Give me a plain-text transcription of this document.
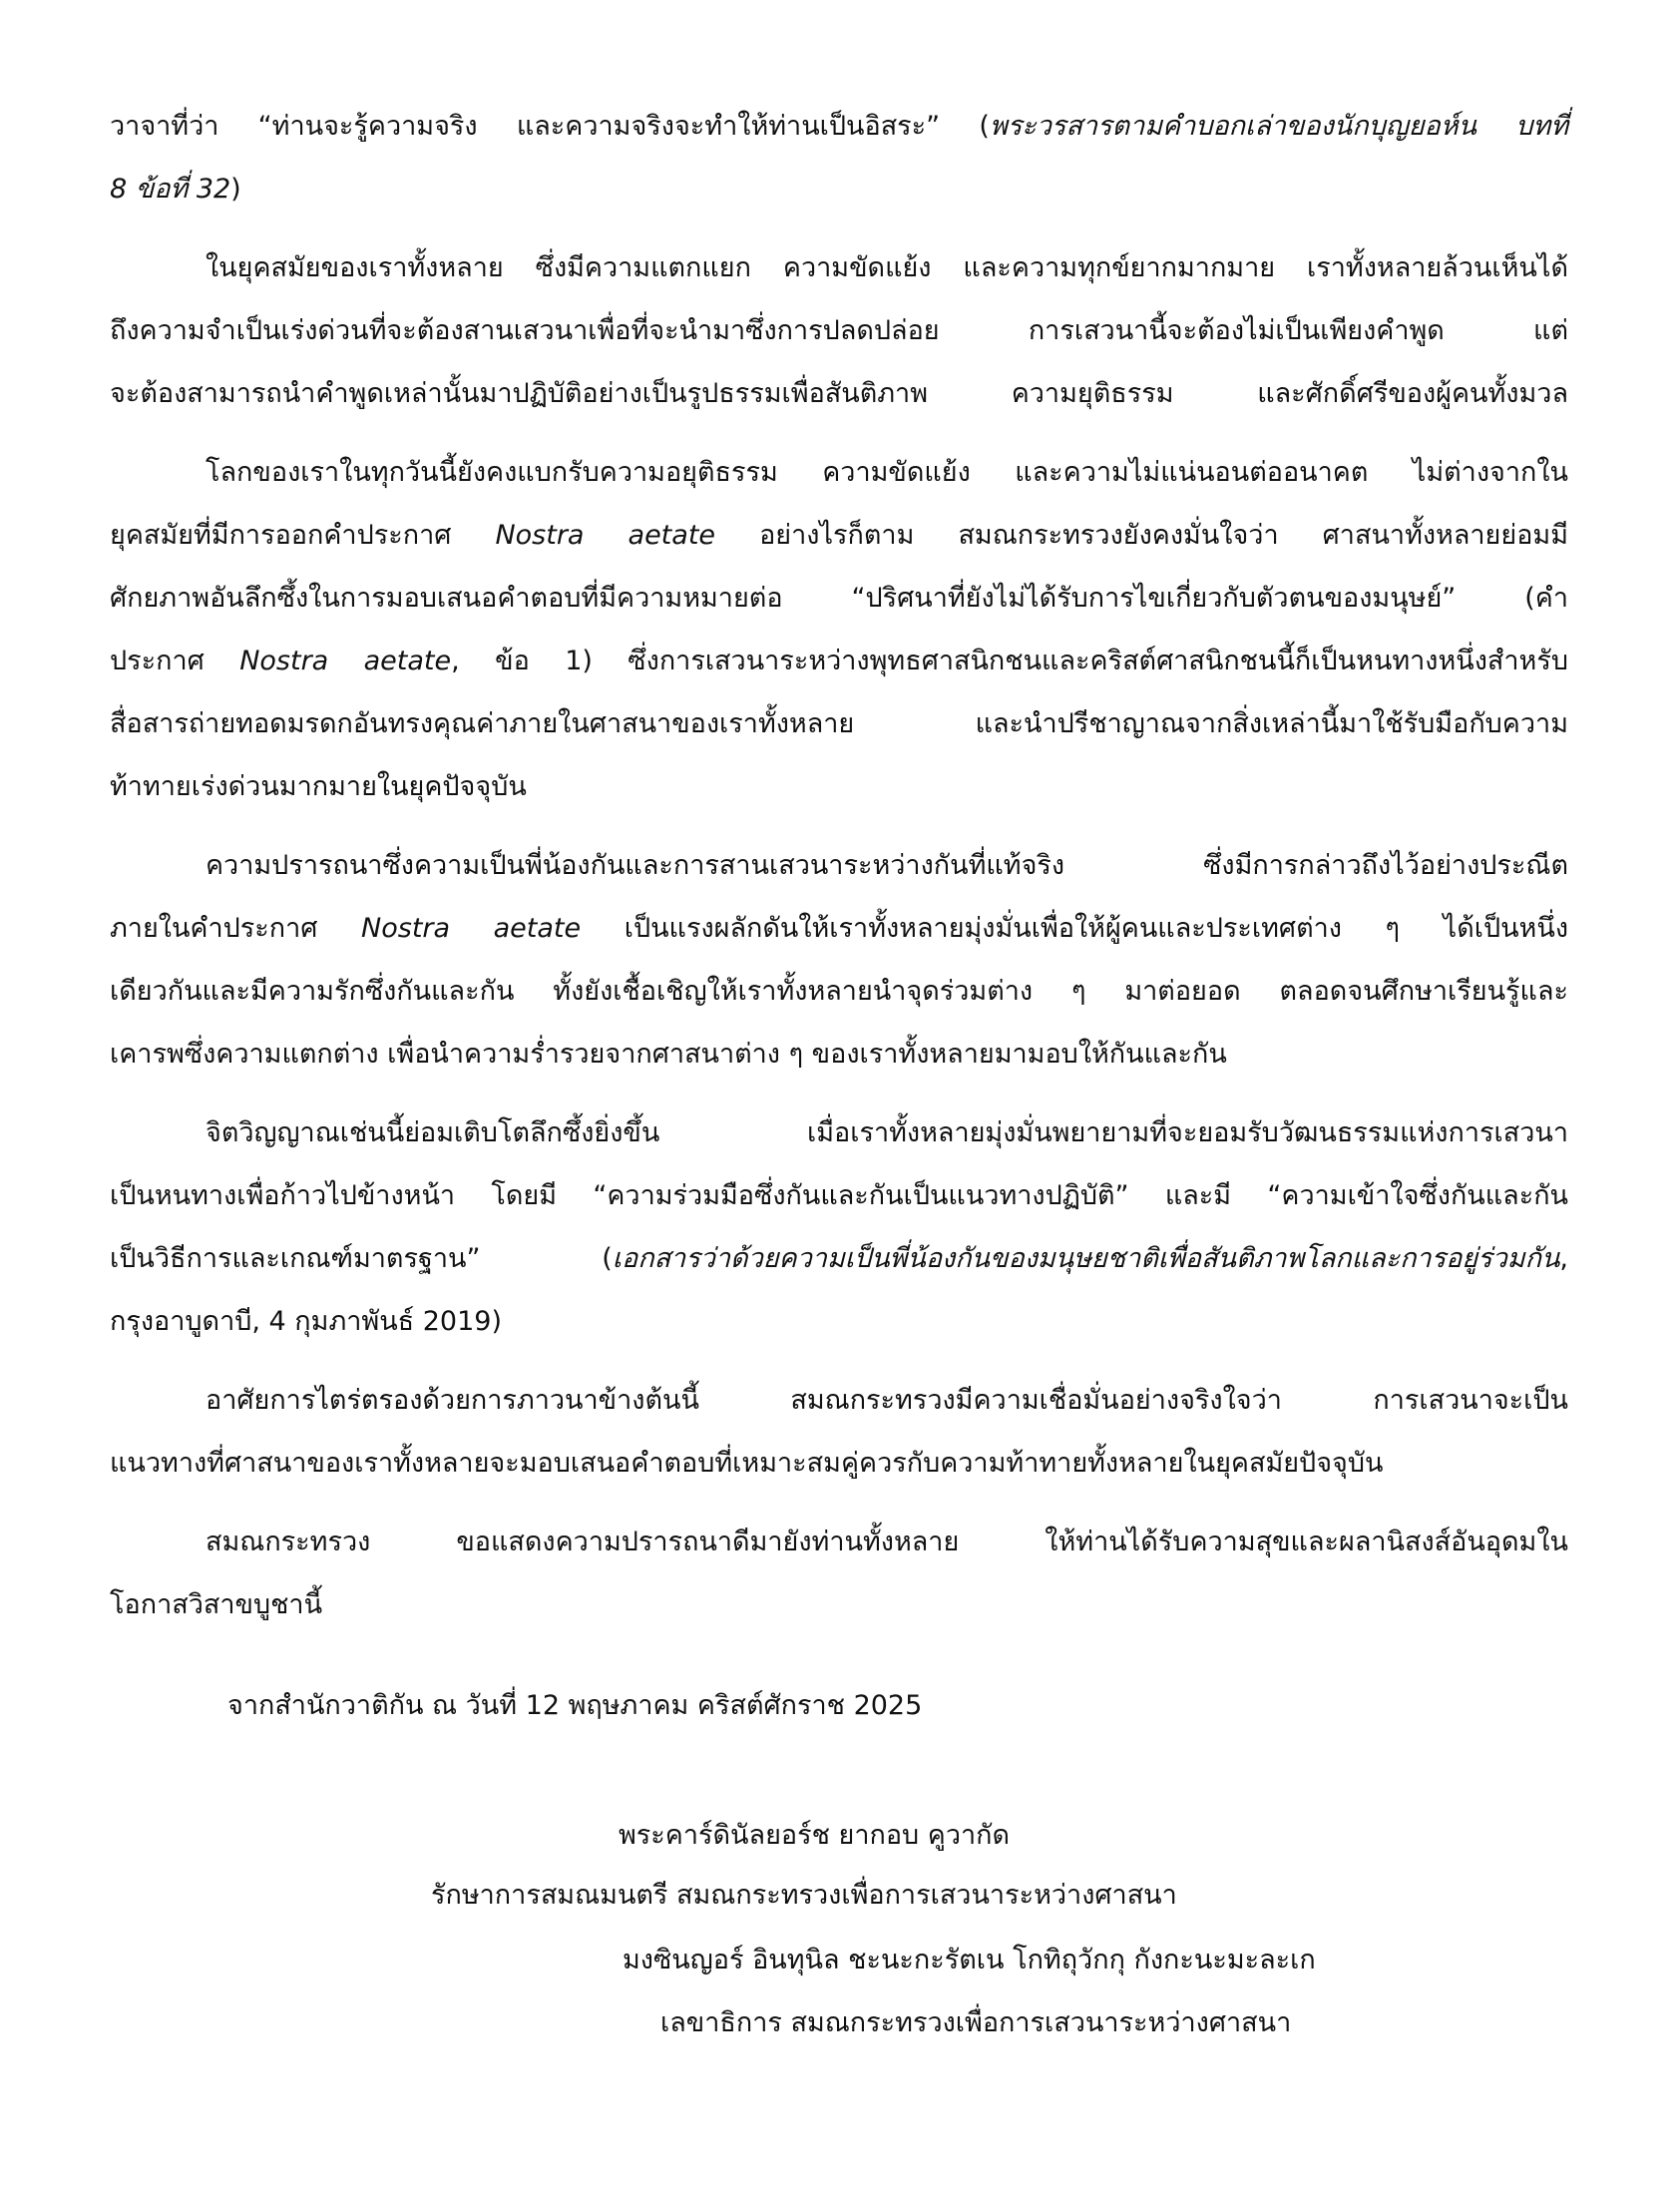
วาจาที่ว่า “ท่านจะรู้ความจริง และความจริงจะทำให้ท่านเป็นอิสระ” (พระวรสารตามคำบอกเล่าของนักบุญยอห์น บทที่
8 ข้อที่ 32)
ในยุคสมัยของเราทั้งหลาย ซึ่งมีความแตกแยก ความขัดแย้ง และความทุกข์ยากมากมาย เราทั้งหลายล้วนเห็นได้
ถึงความจำเป็นเร่งด่วนที่จะต้องสานเสวนาเพื่อที่จะนำมาซึ่งการปลดปล่อย การเสวนานี้จะต้องไม่เป็นเพียงคำพูด แต่
จะต้องสามารถนำคำพูดเหล่านั้นมาปฏิบัติอย่างเป็นรูปธรรมเพื่อสันติภาพ ความยุติธรรม และศักดิ์ศรีของผู้คนทั้งมวล
โลกของเราในทุกวันนี้ยังคงแบกรับความอยุติธรรม ความขัดแย้ง และความไม่แน่นอนต่ออนาคต ไม่ต่างจากใน
ยุคสมัยที่มีการออกคำประกาศ Nostra aetate อย่างไรก็ตาม สมณกระทรวงยังคงมั่นใจว่า ศาสนาทั้งหลายย่อมมี
ศักยภาพอันลึกซึ้งในการมอบเสนอคำตอบที่มีความหมายต่อ “ปริศนาที่ยังไม่ได้รับการไขเกี่ยวกับตัวตนของมนุษย์” (คำ
ประกาศ Nostra aetate, ข้อ 1) ซึ่งการเสวนาระหว่างพุทธศาสนิกชนและคริสต์ศาสนิกชนนี้ก็เป็นหนทางหนึ่งสำหรับ
สื่อสารถ่ายทอดมรดกอันทรงคุณค่าภายในศาสนาของเราทั้งหลาย และนำปรีชาญาณจากสิ่งเหล่านี้มาใช้รับมือกับความ
ท้าทายเร่งด่วนมากมายในยุคปัจจุบัน
ความปรารถนาซึ่งความเป็นพี่น้องกันและการสานเสวนาระหว่างกันที่แท้จริง ซึ่งมีการกล่าวถึงไว้อย่างประณีต
ภายในคำประกาศ Nostra aetate เป็นแรงผลักดันให้เราทั้งหลายมุ่งมั่นเพื่อให้ผู้คนและประเทศต่าง ๆ ได้เป็นหนึ่ง
เดียวกันและมีความรักซึ่งกันและกัน ทั้งยังเชื้อเชิญให้เราทั้งหลายนำจุดร่วมต่าง ๆ มาต่อยอด ตลอดจนศึกษาเรียนรู้และ
เคารพซึ่งความแตกต่าง เพื่อนำความร่ำรวยจากศาสนาต่าง ๆ ของเราทั้งหลายมามอบให้กันและกัน
จิตวิญญาณเช่นนี้ย่อมเติบโตลึกซึ้งยิ่งขึ้น เมื่อเราทั้งหลายมุ่งมั่นพยายามที่จะยอมรับวัฒนธรรมแห่งการเสวนา
เป็นหนทางเพื่อก้าวไปข้างหน้า โดยมี “ความร่วมมือซึ่งกันและกันเป็นแนวทางปฏิบัติ” และมี “ความเข้าใจซึ่งกันและกัน
เป็นวิธีการและเกณฑ์มาตรฐาน” (เอกสารว่าด้วยความเป็นพี่น้องกันของมนุษยชาติเพื่อสันติภาพโลกและการอยู่ร่วมกัน,
กรุงอาบูดาบี, 4 กุมภาพันธ์ 2019)
อาศัยการไตร่ตรองด้วยการภาวนาข้างต้นนี้ สมณกระทรวงมีความเชื่อมั่นอย่างจริงใจว่า การเสวนาจะเป็น
แนวทางที่ศาสนาของเราทั้งหลายจะมอบเสนอคำตอบที่เหมาะสมคู่ควรกับความท้าทายทั้งหลายในยุคสมัยปัจจุบัน
สมณกระทรวง ขอแสดงความปรารถนาดีมายังท่านทั้งหลาย ให้ท่านได้รับความสุขและผลานิสงส์อันอุดมใน
โอกาสวิสาขบูชานี้
จากสำนักวาติกัน ณ วันที่ 12 พฤษภาคม คริสต์ศักราช 2025
พระคาร์ดินัลยอร์ช ยากอบ คูวากัด
รักษาการสมณมนตรี สมณกระทรวงเพื่อการเสวนาระหว่างศาสนา
มงซินญอร์ อินทุนิล ชะนะกะรัตเน โกทิถุวักกุ กังกะนะมะละเก
เลขาธิการ สมณกระทรวงเพื่อการเสวนาระหว่างศาสนา
